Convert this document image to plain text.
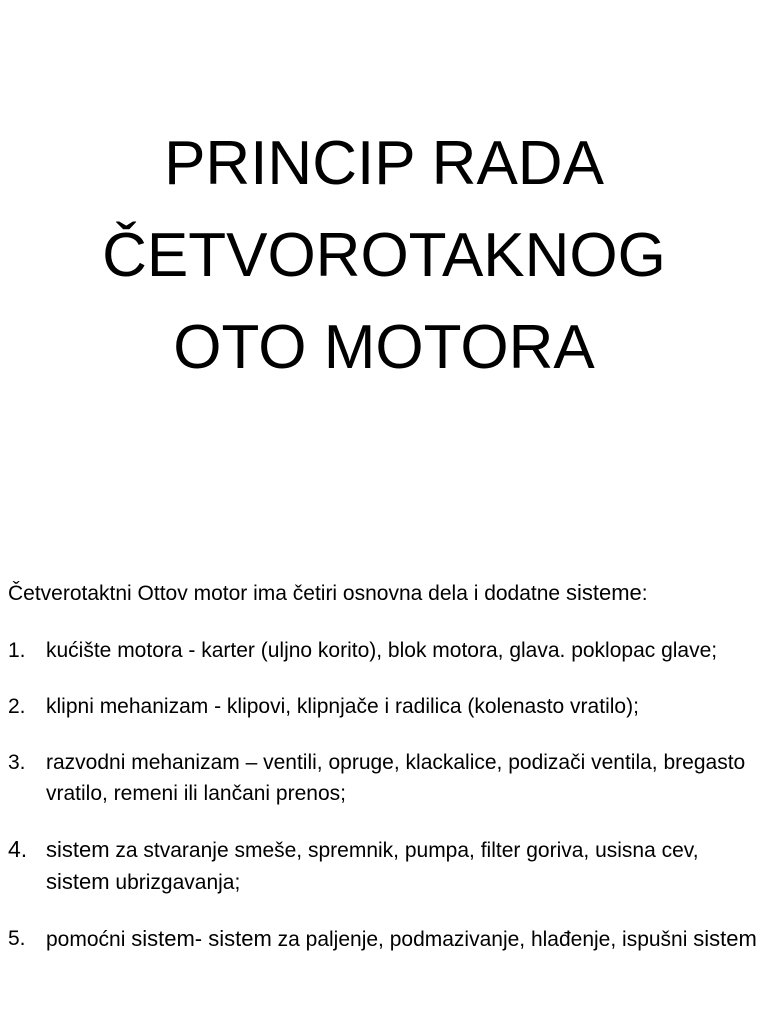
PRINCIP RADA
ČETVOROTAKNOG
OTO MOTORA

Četverotaktni Ottov motor ima četiri osnovna dela i dodatne sisteme:

1. kućište motora - karter (uljno korito), blok motora, glava. poklopac glave;
2. klipni mehanizam - klipovi, klipnjače i radilica (kolenasto vratilo);
3. razvodni mehanizam – ventili, opruge, klackalice, podizači ventila, bregasto vratilo, remeni ili lančani prenos;
4. sistem za stvaranje smeše, spremnik, pumpa, filter goriva, usisna cev, sistem ubrizgavanja;
5. pomoćni sistem- sistem za paljenje, podmazivanje, hlađenje, ispušni sistem
